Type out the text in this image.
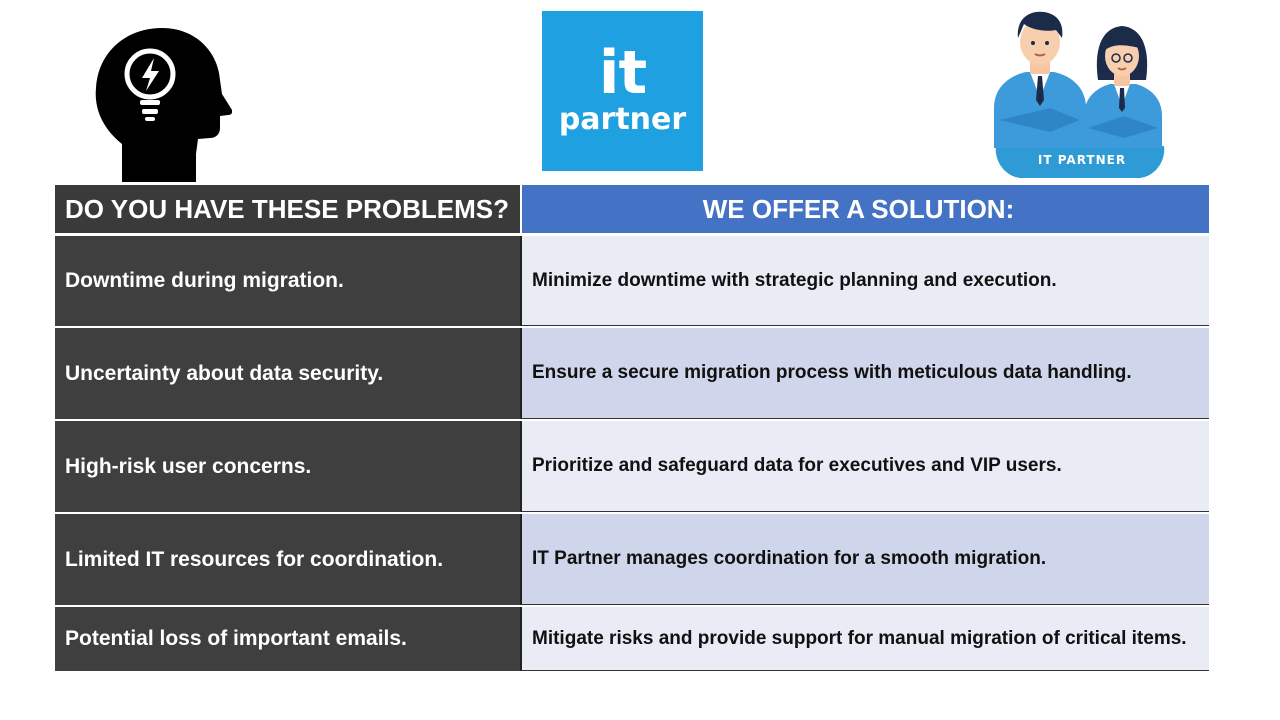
it
partner
IT PARTNER
DO YOU HAVE THESE PROBLEMS?	WE OFFER A SOLUTION:
Downtime during migration.	Minimize downtime with strategic planning and execution.
Uncertainty about data security.	Ensure a secure migration process with meticulous data handling.
High-risk user concerns.	Prioritize and safeguard data for executives and VIP users.
Limited IT resources for coordination.	IT Partner manages coordination for a smooth migration.
Potential loss of important emails.	Mitigate risks and provide support for manual migration of critical items.
